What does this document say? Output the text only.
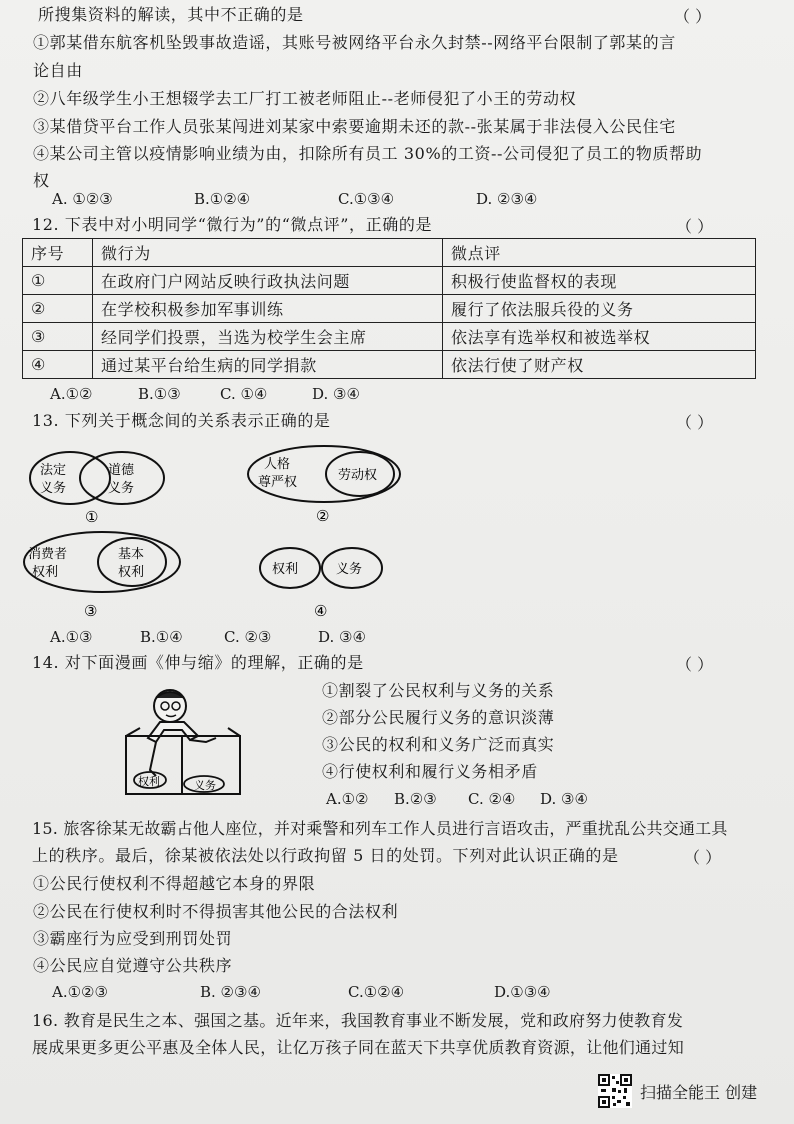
所搜集资料的解读，其中不正确的是	（ ）
①郭某借东航客机坠毁事故造谣，其账号被网络平台永久封禁--网络平台限制了郭某的言
论自由
②八年级学生小王想辍学去工厂打工被老师阻止--老师侵犯了小王的劳动权
③某借贷平台工作人员张某闯进刘某家中索要逾期未还的款--张某属于非法侵入公民住宅
④某公司主管以疫情影响业绩为由，扣除所有员工 30%的工资--公司侵犯了员工的物质帮助
权
A. ①②③	B.①②④	C.①③④	D. ②③④
12. 下表中对小明同学“微行为”的“微点评”，正确的是	（ ）
序号	微行为	微点评
①	在政府门户网站反映行政执法问题	积极行使监督权的表现
②	在学校积极参加军事训练	履行了依法服兵役的义务
③	经同学们投票，当选为校学生会主席	依法享有选举权和被选举权
④	通过某平台给生病的同学捐款	依法行使了财产权
A.①②	B.①③	C. ①④	D. ③④
13. 下列关于概念间的关系表示正确的是	（ ）
法定
义务
道德
义务
①
人格
尊严权	劳动权
②
消费者
权利
基本
权利
③
权利	义务
④
A.①③	B.①④	C. ②③	D. ③④
14. 对下面漫画《伸与缩》的理解，正确的是	（ ）
权利	义务
①割裂了公民权利与义务的关系
②部分公民履行义务的意识淡薄
③公民的权利和义务广泛而真实
④行使权利和履行义务相矛盾
A.①② B.②③ C. ②④ D. ③④
15. 旅客徐某无故霸占他人座位，并对乘警和列车工作人员进行言语攻击，严重扰乱公共交通工具
上的秩序。最后，徐某被依法处以行政拘留 5 日的处罚。下列对此认识正确的是	（ ）
①公民行使权利不得超越它本身的界限
②公民在行使权利时不得损害其他公民的合法权利
③霸座行为应受到刑罚处罚
④公民应自觉遵守公共秩序
A.①②③	B. ②③④	C.①②④	D.①③④
16. 教育是民生之本、强国之基。近年来，我国教育事业不断发展，党和政府努力使教育发
展成果更多更公平惠及全体人民，让亿万孩子同在蓝天下共享优质教育资源，让他们通过知
扫描全能王 创建
